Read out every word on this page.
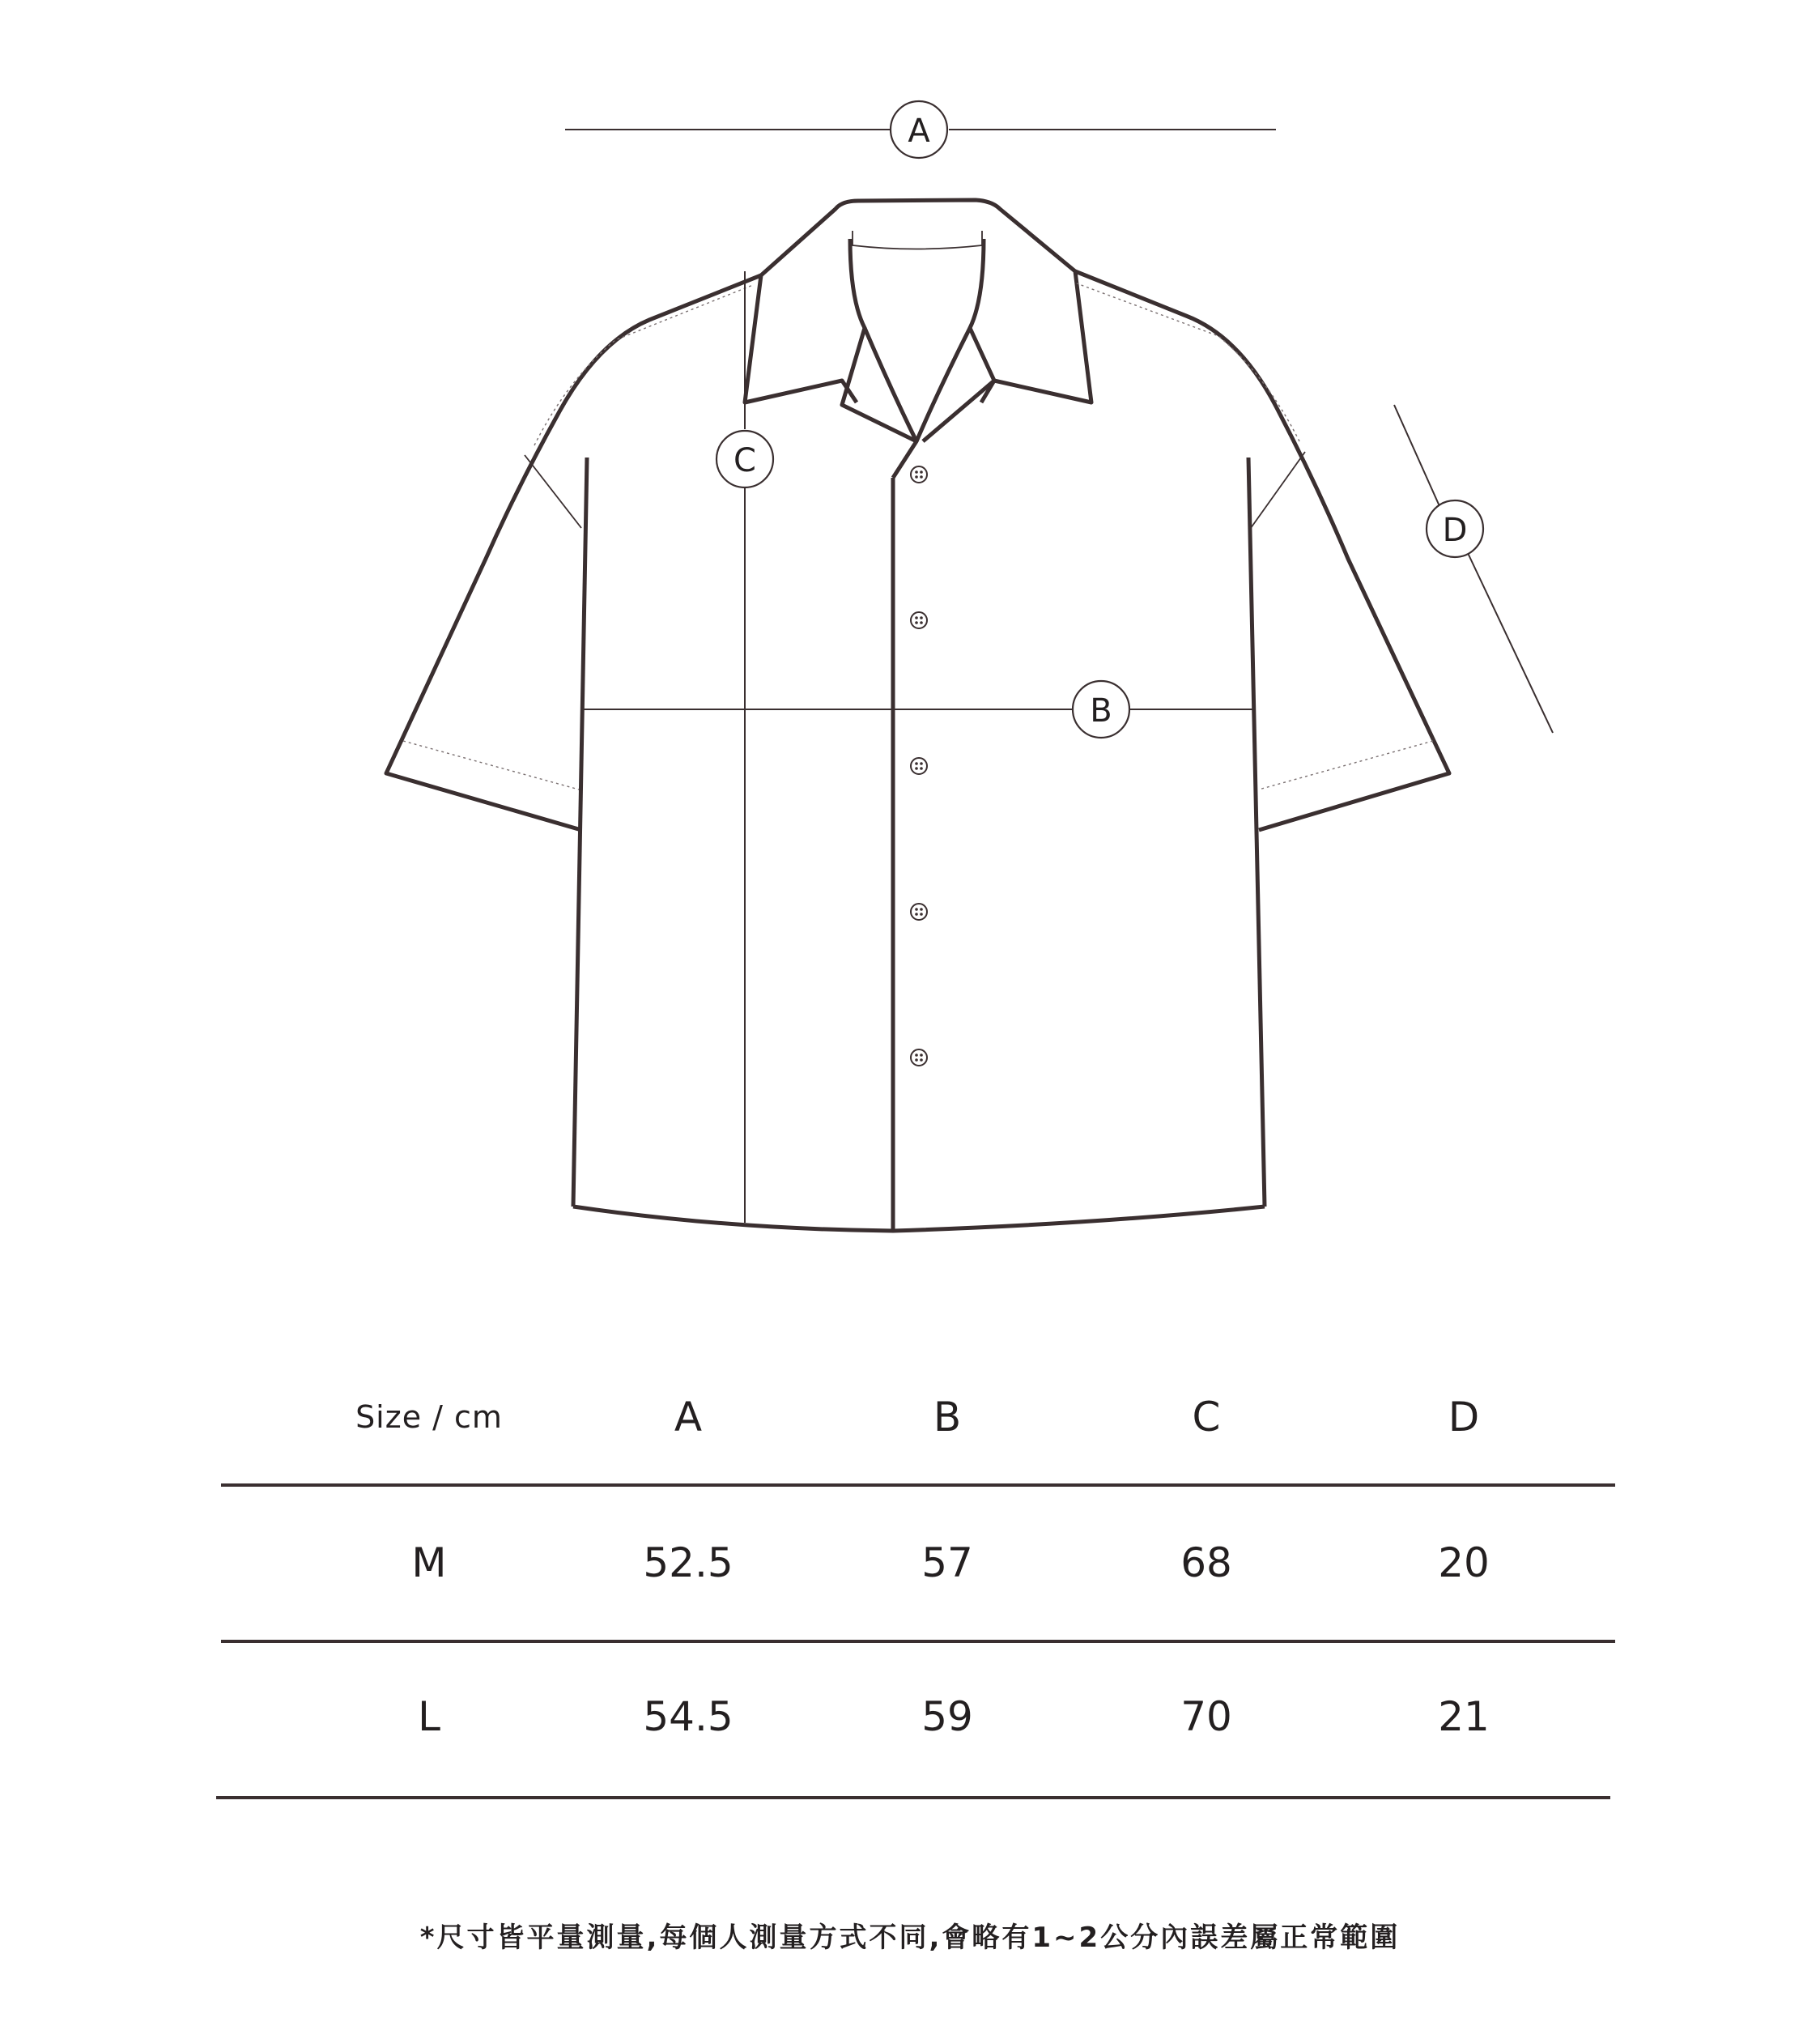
A
C
B
D
Size / cm	A	B	C	D
M	52.5	57	68	20
L	54.5	59	70	21
*尺寸皆平量測量,每個人測量方式不同,會略有1~2公分內誤差屬正常範圍
